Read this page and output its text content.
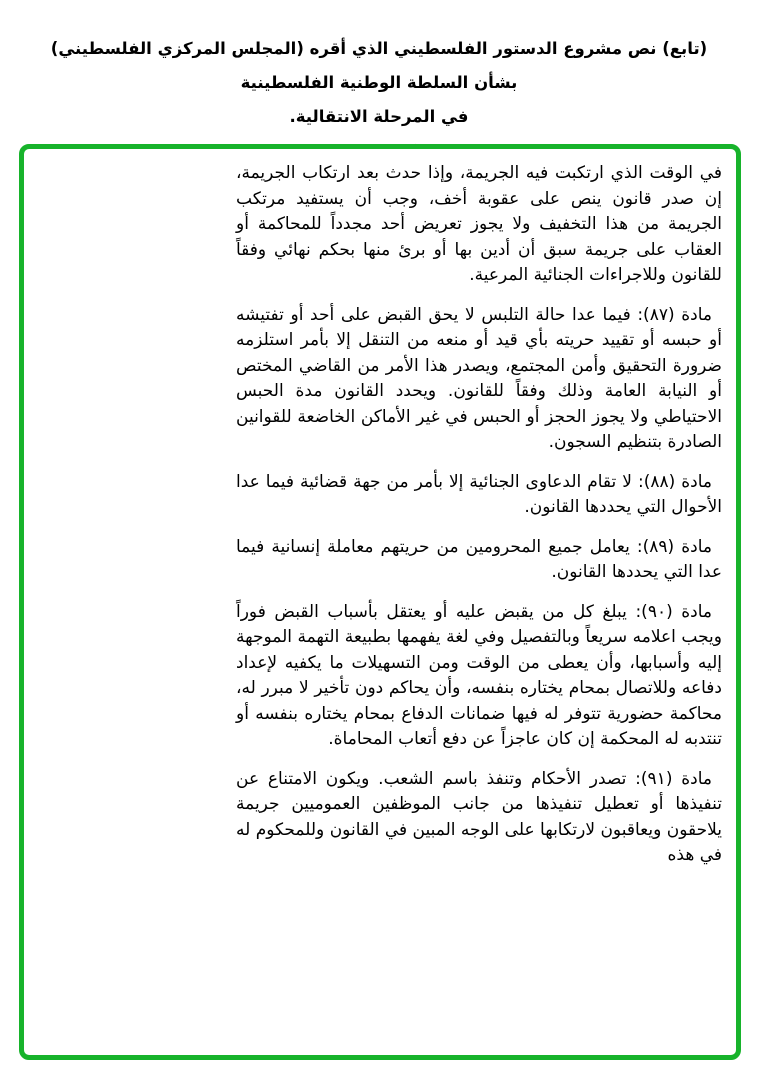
(تابع) نص مشروع الدستور الفلسطيني الذي أقره (المجلس المركزي الفلسطيني) بشأن السلطة الوطنية الفلسطينية
في المرحلة الانتقالية.

في الوقت الذي ارتكبت فيه الجريمة، وإذا حدث بعد ارتكاب الجريمة، إن صدر قانون ينص على عقوبة أخف، وجب أن يستفيد مرتكب الجريمة من هذا التخفيف ولا يجوز تعريض أحد مجدداً للمحاكمة أو العقاب على جريمة سبق أن أدين بها أو برئ منها بحكم نهائي وفقاً للقانون وللاجراءات الجنائية المرعية.

مادة (٨٧): فيما عدا حالة التلبس لا يحق القبض على أحد أو تفتيشه أو حبسه أو تقييد حريته بأي قيد أو منعه من التنقل إلا بأمر استلزمه ضرورة التحقيق وأمن المجتمع، ويصدر هذا الأمر من القاضي المختص أو النيابة العامة وذلك وفقاً للقانون. ويحدد القانون مدة الحبس الاحتياطي ولا يجوز الحجز أو الحبس في غير الأماكن الخاضعة للقوانين الصادرة بتنظيم السجون.

مادة (٨٨): لا تقام الدعاوى الجنائية إلا بأمر من جهة قضائية فيما عدا الأحوال التي يحددها القانون.

مادة (٨٩): يعامل جميع المحرومين من حريتهم معاملة إنسانية فيما عدا التي يحددها القانون.

مادة (٩٠): يبلغ كل من يقبض عليه أو يعتقل بأسباب القبض فوراً ويجب اعلامه سريعاً وبالتفصيل وفي لغة يفهمها بطبيعة التهمة الموجهة إليه وأسبابها، وأن يعطى من الوقت ومن التسهيلات ما يكفيه لإعداد دفاعه وللاتصال بمحام يختاره بنفسه، وأن يحاكم دون تأخير لا مبرر له، محاكمة حضورية تتوفر له فيها ضمانات الدفاع بمحام يختاره بنفسه أو تنتدبه له المحكمة إن كان عاجزاً عن دفع أتعاب المحاماة.

مادة (٩١): تصدر الأحكام وتنفذ باسم الشعب. ويكون الامتناع عن تنفيذها أو تعطيل تنفيذها من جانب الموظفين العموميين جريمة يلاحقون ويعاقبون لارتكابها على الوجه المبين في القانون وللمحكوم له في هذه
